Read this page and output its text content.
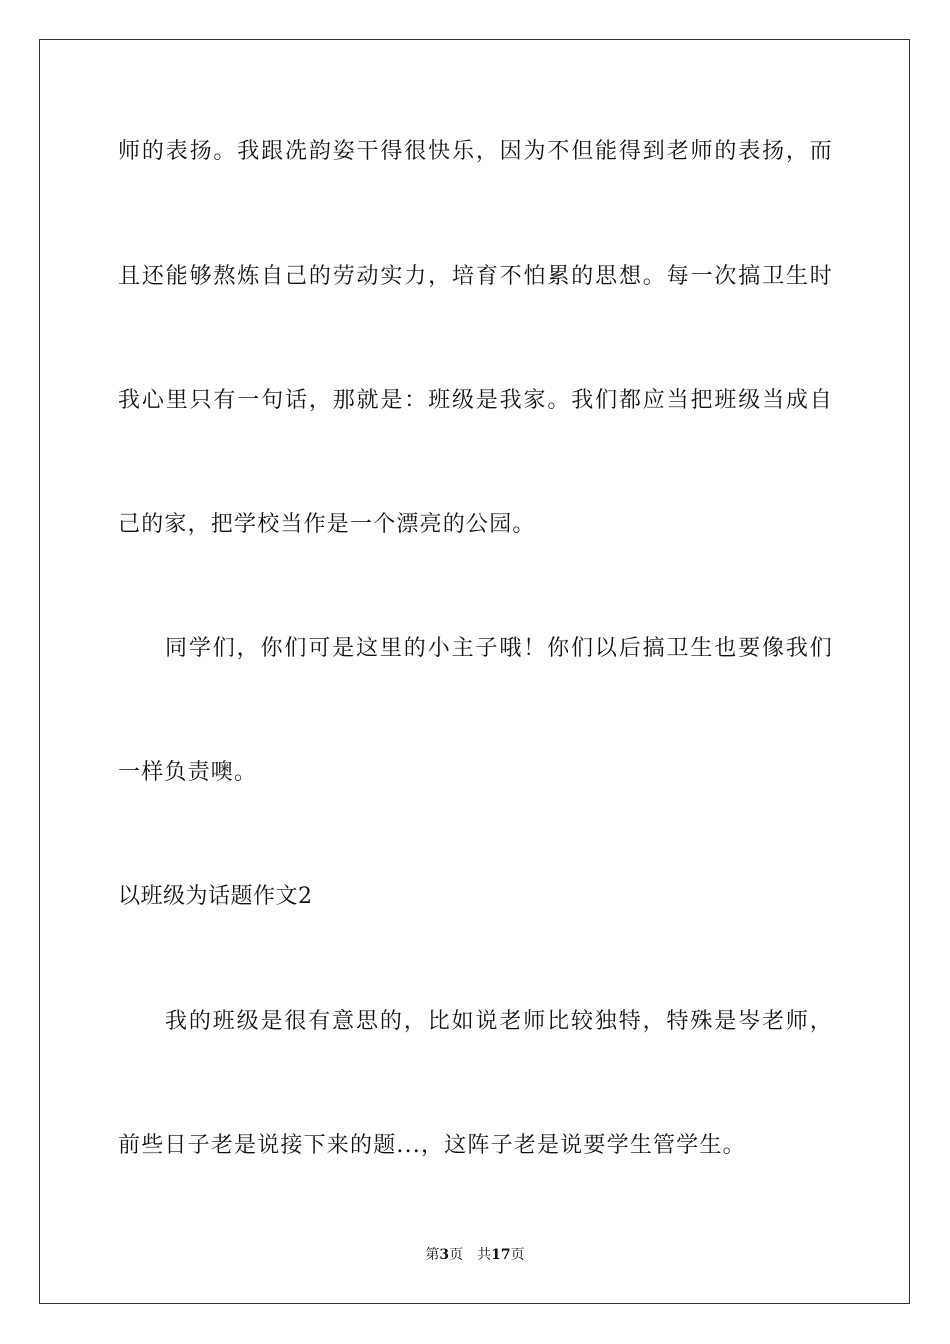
师的表扬。我跟冼韵姿干得很快乐，因为不但能得到老师的表扬，而
且还能够熬炼自己的劳动实力，培育不怕累的思想。每一次搞卫生时
我心里只有一句话，那就是：班级是我家。我们都应当把班级当成自
己的家，把学校当作是一个漂亮的公园。
同学们，你们可是这里的小主子哦！你们以后搞卫生也要像我们
一样负责噢。
以班级为话题作文2
我的班级是很有意思的，比如说老师比较独特，特殊是岑老师，
前些日子老是说接下来的题...，这阵子老是说要学生管学生。
第3页 共17页
